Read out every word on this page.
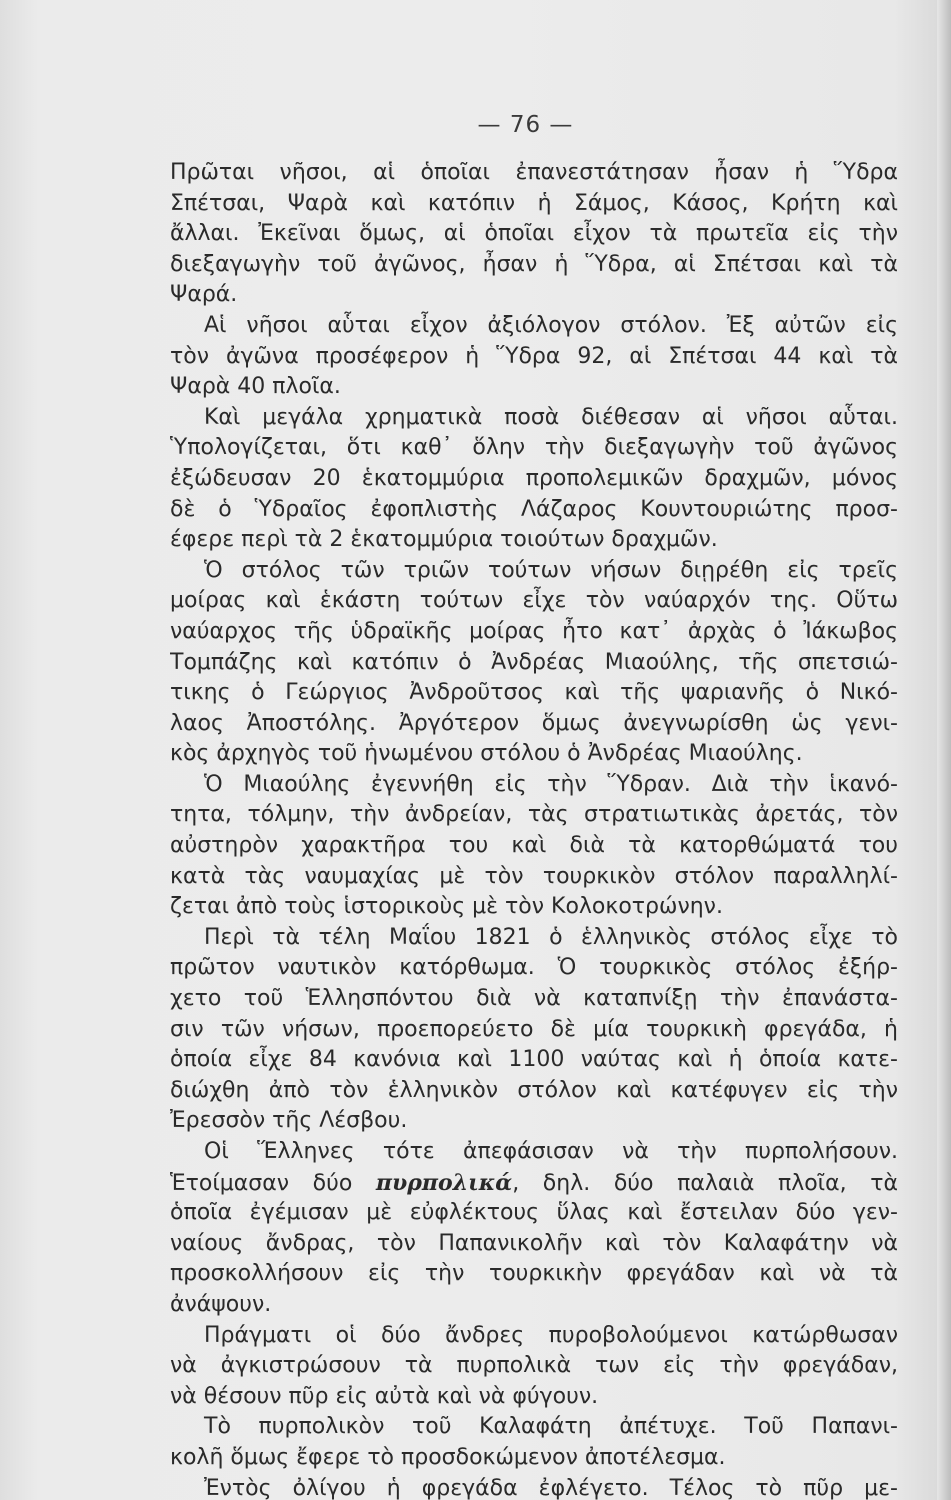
— 76 —
Πρῶται νῆσοι, αἱ ὁποῖαι ἐπανεστάτησαν ἦσαν ἡ Ὕδρα
Σπέτσαι, Ψαρὰ καὶ κατόπιν ἡ Σάμος, Κάσος, Κρήτη καὶ
ἄλλαι. Ἐκεῖναι ὅμως, αἱ ὁποῖαι εἶχον τὰ πρωτεῖα εἰς τὴν
διεξαγωγὴν τοῦ ἀγῶνος, ἦσαν ἡ Ὕδρα, αἱ Σπέτσαι καὶ τὰ
Ψαρά.
Αἱ νῆσοι αὗται εἶχον ἀξιόλογον στόλον. Ἐξ αὐτῶν εἰς
τὸν ἀγῶνα προσέφερον ἡ Ὕδρα 92, αἱ Σπέτσαι 44 καὶ τὰ
Ψαρὰ 40 πλοῖα.
Καὶ μεγάλα χρηματικὰ ποσὰ διέθεσαν αἱ νῆσοι αὗται.
Ὑπολογίζεται, ὅτι καθ᾽ ὅλην τὴν διεξαγωγὴν τοῦ ἀγῶνος
ἐξώδευσαν 20 ἑκατομμύρια προπολεμικῶν δραχμῶν, μόνος
δὲ ὁ Ὑδραῖος ἐφοπλιστὴς Λάζαρος Κουντουριώτης προσ-
έφερε περὶ τὰ 2 ἑκατομμύρια τοιούτων δραχμῶν.
Ὁ στόλος τῶν τριῶν τούτων νήσων διῃρέθη εἰς τρεῖς
μοίρας καὶ ἑκάστη τούτων εἶχε τὸν ναύαρχόν της. Οὕτω
ναύαρχος τῆς ὑδραϊκῆς μοίρας ἦτο κατ᾽ ἀρχὰς ὁ Ἰάκωβος
Τομπάζης καὶ κατόπιν ὁ Ἀνδρέας Μιαούλης, τῆς σπετσιώ-
τικης ὁ Γεώργιος Ἀνδροῦτσος καὶ τῆς ψαριανῆς ὁ Νικό-
λαος Ἀποστόλης. Ἀργότερον ὅμως ἀνεγνωρίσθη ὡς γενι-
κὸς ἀρχηγὸς τοῦ ἡνωμένου στόλου ὁ Ἀνδρέας Μιαούλης.
Ὁ Μιαούλης ἐγεννήθη εἰς τὴν Ὕδραν. Διὰ τὴν ἱκανό-
τητα, τόλμην, τὴν ἀνδρείαν, τὰς στρατιωτικὰς ἀρετάς, τὸν
αὐστηρὸν χαρακτῆρα του καὶ διὰ τὰ κατορθώματά του
κατὰ τὰς ναυμαχίας μὲ τὸν τουρκικὸν στόλον παραλληλί-
ζεται ἀπὸ τοὺς ἱστορικοὺς μὲ τὸν Κολοκοτρώνην.
Περὶ τὰ τέλη Μαΐου 1821 ὁ ἑλληνικὸς στόλος εἶχε τὸ
πρῶτον ναυτικὸν κατόρθωμα. Ὁ τουρκικὸς στόλος ἐξήρ-
χετο τοῦ Ἑλλησπόντου διὰ νὰ καταπνίξῃ τὴν ἐπανάστα-
σιν τῶν νήσων, προεπορεύετο δὲ μία τουρκικὴ φρεγάδα, ἡ
ὁποία εἶχε 84 κανόνια καὶ 1100 ναύτας καὶ ἡ ὁποία κατε-
διώχθη ἀπὸ τὸν ἑλληνικὸν στόλον καὶ κατέφυγεν εἰς τὴν
Ἐρεσσὸν τῆς Λέσβου.
Οἱ Ἕλληνες τότε ἀπεφάσισαν νὰ τὴν πυρπολήσουν.
Ἑτοίμασαν δύο πυρπολικά, δηλ. δύο παλαιὰ πλοῖα, τὰ
ὁποῖα ἐγέμισαν μὲ εὐφλέκτους ὕλας καὶ ἔστειλαν δύο γεν-
ναίους ἄνδρας, τὸν Παπανικολῆν καὶ τὸν Καλαφάτην νὰ
προσκολλήσουν εἰς τὴν τουρκικὴν φρεγάδαν καὶ νὰ τὰ
ἀνάψουν.
Πράγματι οἱ δύο ἄνδρες πυροβολούμενοι κατώρθωσαν
νὰ ἀγκιστρώσουν τὰ πυρπολικὰ των εἰς τὴν φρεγάδαν,
νὰ θέσουν πῦρ εἰς αὐτὰ καὶ νὰ φύγουν.
Τὸ πυρπολικὸν τοῦ Καλαφάτη ἀπέτυχε. Τοῦ Παπανι-
κολῆ ὅμως ἔφερε τὸ προσδοκώμενον ἀποτέλεσμα.
Ἐντὸς ὀλίγου ἡ φρεγάδα ἐφλέγετο. Τέλος τὸ πῦρ με-
